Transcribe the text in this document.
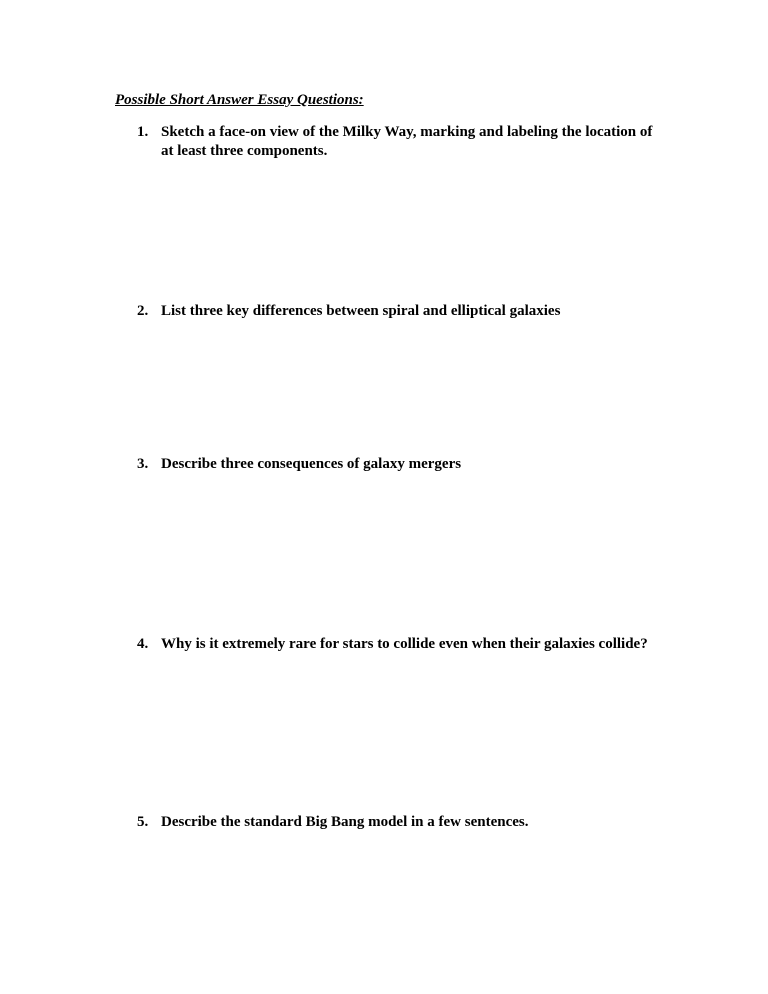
Possible Short Answer Essay Questions:
1. Sketch a face-on view of the Milky Way, marking and labeling the location of at least three components.
2. List three key differences between spiral and elliptical galaxies
3. Describe three consequences of galaxy mergers
4. Why is it extremely rare for stars to collide even when their galaxies collide?
5. Describe the standard Big Bang model in a few sentences.
